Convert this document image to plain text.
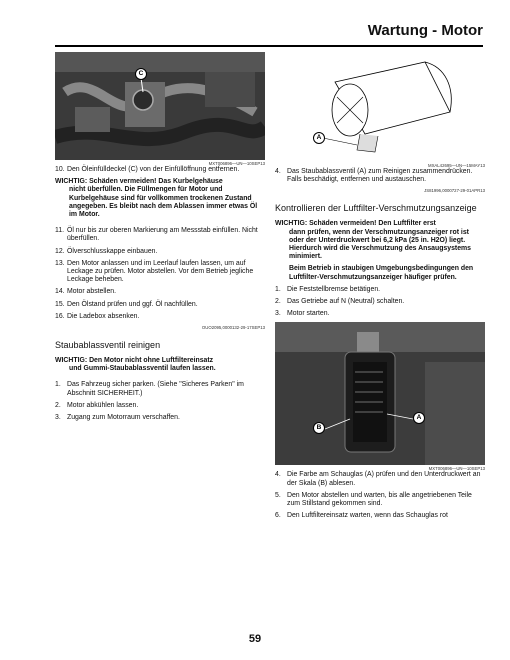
Wartung - Motor
C
MXT006896—UN—10SEP13
10. Den Öleinfülldeckel (C) von der Einfüllöffnung entfernen.
WICHTIG: Schäden vermeiden! Das Kurbelgehäuse
nicht überfüllen. Die Füllmengen für Motor und Kurbelgehäuse sind für vollkommen trockenen Zustand angegeben. Es bleibt nach dem Ablassen immer etwas Öl im Motor.
11. Öl nur bis zur oberen Markierung am Messstab einfüllen. Nicht überfüllen.
12. Ölverschlusskappe einbauen.
13. Den Motor anlassen und im Leerlauf laufen lassen, um auf Leckage zu prüfen. Motor abstellen. Vor dem Betrieb jegliche Leckage beheben.
14. Motor abstellen.
15. Den Ölstand prüfen und ggf. Öl nachfüllen.
16. Die Ladebox absenken.
OUO2095,0000132-29-17SEP13
Staubablassventil reinigen
WICHTIG: Den Motor nicht ohne Luftfiltereinsatz
und Gummi-Staubablassventil laufen lassen.
1. Das Fahrzeug sicher parken. (Siehe "Sicheres Parken" im Abschnitt SICHERHEIT.)
2. Motor abkühlen lassen.
3. Zugang zum Motorraum verschaffen.
A
MXAL42695—UN—15MAY13
4. Das Staubablassventil (A) zum Reinigen zusammendrücken. Falls beschädigt, entfernen und austauschen.
JS81996,0000727-29-01APR13
Kontrollieren der Luftfilter-Verschmutzungsanzeige
WICHTIG: Schäden vermeiden! Den Luftfilter erst
dann prüfen, wenn der Verschmutzungsanzeiger rot ist oder der Unterdruckwert bei 6,2 kPa (25 in. H2O) liegt. Hierdurch wird die Verschmutzung des Ansaugsystems minimiert.
Beim Betrieb in staubigen Umgebungsbedingungen den Luftfilter-Verschmutzungsanzeiger häufiger prüfen.
1. Die Feststellbremse betätigen.
2. Das Getriebe auf N (Neutral) schalten.
3. Motor starten.
B
A
MXT006896—UN—10SEP13
4. Die Farbe am Schauglas (A) prüfen und den Unterdruckwert an der Skala (B) ablesen.
5. Den Motor abstellen und warten, bis alle angetriebenen Teile zum Stillstand gekommen sind.
6. Den Luftfiltereinsatz warten, wenn das Schauglas rot
59
